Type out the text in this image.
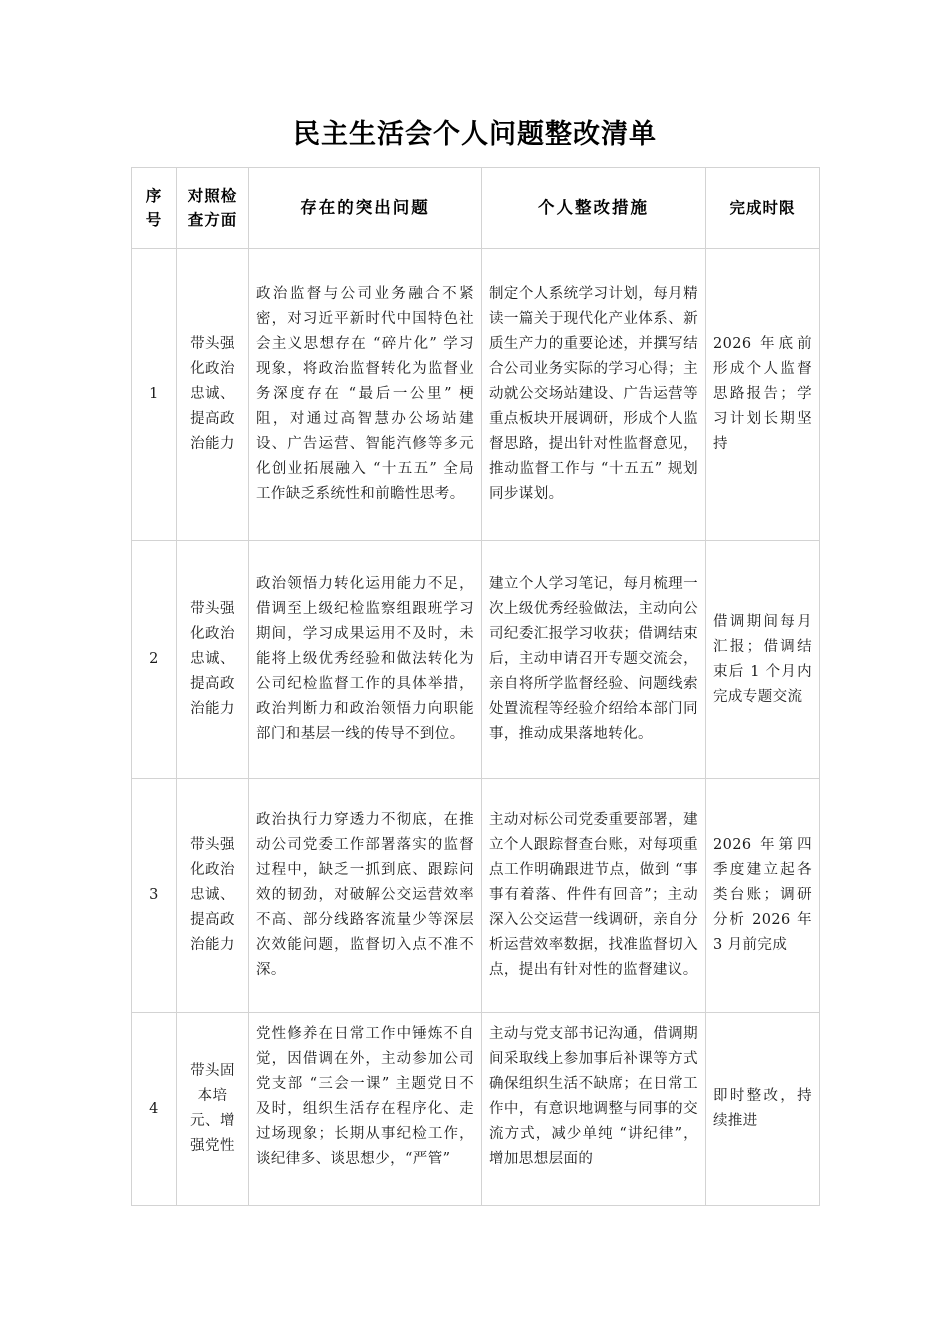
民主生活会个人问题整改清单
序号	对照检查方面	存在的突出问题	个人整改措施	完成时限
1	带头强化政治忠诚、提高政治能力	政治监督与公司业务融合不紧密，对习近平新时代中国特色社会主义思想存在 “碎片化” 学习现象，将政治监督转化为监督业务深度存在 “最后一公里” 梗阻，对通过高智慧办公场站建设、广告运营、智能汽修等多元化创业拓展融入 “十五五” 全局工作缺乏系统性和前瞻性思考。	制定个人系统学习计划，每月精读一篇关于现代化产业体系、新质生产力的重要论述，并撰写结合公司业务实际的学习心得；主动就公交场站建设、广告运营等重点板块开展调研，形成个人监督思路，提出针对性监督意见，推动监督工作与 “十五五” 规划同步谋划。	2026 年底前形成个人监督思路报告；学习计划长期坚持
2	带头强化政治忠诚、提高政治能力	政治领悟力转化运用能力不足，借调至上级纪检监察组跟班学习期间，学习成果运用不及时，未能将上级优秀经验和做法转化为公司纪检监督工作的具体举措，政治判断力和政治领悟力向职能部门和基层一线的传导不到位。	建立个人学习笔记，每月梳理一次上级优秀经验做法，主动向公司纪委汇报学习收获；借调结束后，主动申请召开专题交流会，亲自将所学监督经验、问题线索处置流程等经验介绍给本部门同事，推动成果落地转化。	借调期间每月汇报；借调结束后 1 个月内完成专题交流
3	带头强化政治忠诚、提高政治能力	政治执行力穿透力不彻底，在推动公司党委工作部署落实的监督过程中，缺乏一抓到底、跟踪问效的韧劲，对破解公交运营效率不高、部分线路客流量少等深层次效能问题，监督切入点不准不深。	主动对标公司党委重要部署，建立个人跟踪督查台账，对每项重点工作明确跟进节点，做到 “事事有着落、件件有回音”；主动深入公交运营一线调研，亲自分析运营效率数据，找准监督切入点，提出有针对性的监督建议。	2026 年第四季度建立起各类台账；调研分析 2026 年 3 月前完成
4	带头固本培元、增强党性	党性修养在日常工作中锤炼不自觉，因借调在外，主动参加公司党支部 “三会一课” 主题党日不及时，组织生活存在程序化、走过场现象；长期从事纪检工作，谈纪律多、谈思想少，“严管”	主动与党支部书记沟通，借调期间采取线上参加事后补课等方式确保组织生活不缺席；在日常工作中，有意识地调整与同事的交流方式，减少单纯 “讲纪律”，增加思想层面的	即时整改，持续推进
